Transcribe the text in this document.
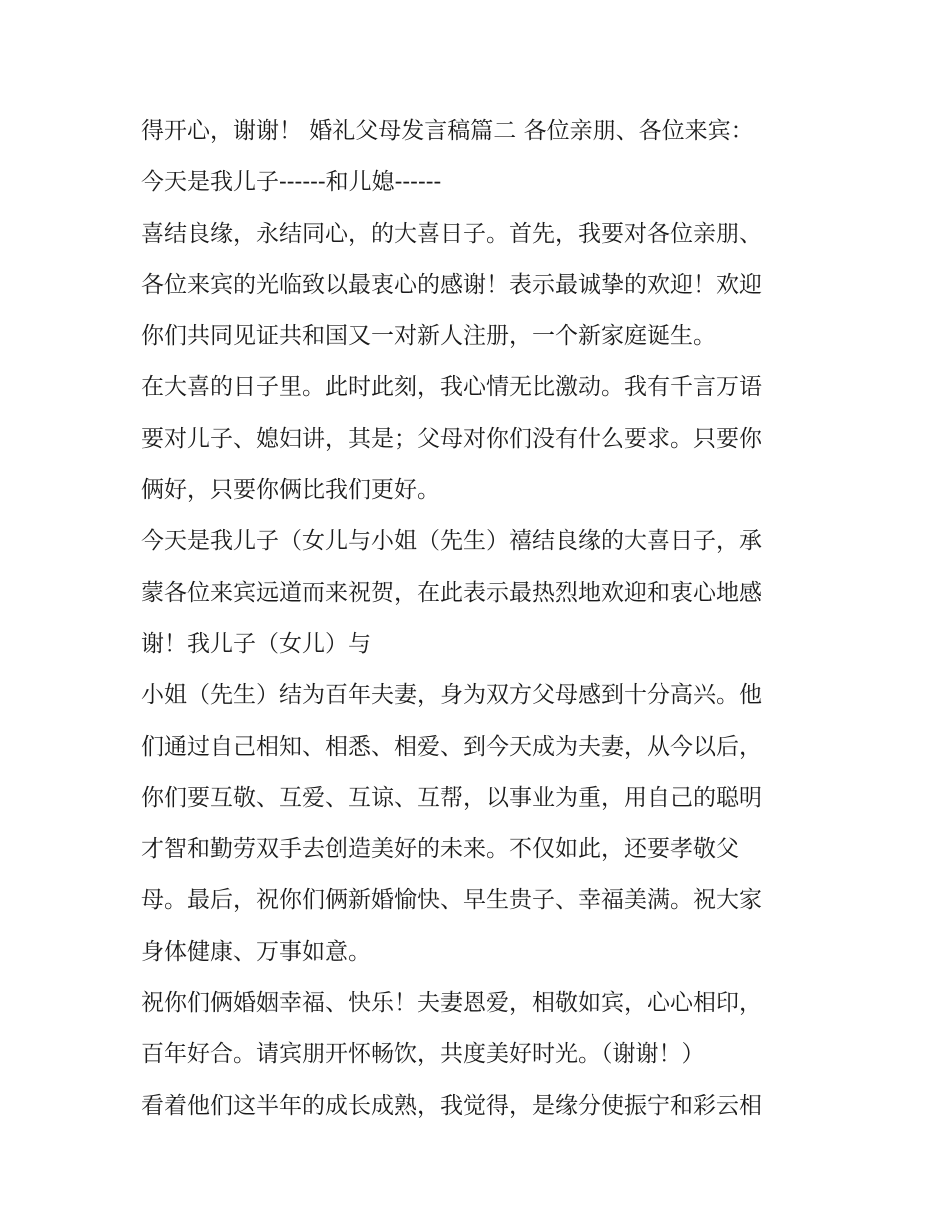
得开心，谢谢！ 婚礼父母发言稿篇二 各位亲朋、各位来宾：
今天是我儿子------和儿媳------
喜结良缘，永结同心，的大喜日子。首先，我要对各位亲朋、
各位来宾的光临致以最衷心的感谢！表示最诚挚的欢迎！欢迎
你们共同见证共和国又一对新人注册，一个新家庭诞生。
在大喜的日子里。此时此刻，我心情无比激动。我有千言万语
要对儿子、媳妇讲，其是；父母对你们没有什么要求。只要你
俩好，只要你俩比我们更好。
今天是我儿子（女儿与小姐（先生）禧结良缘的大喜日子，承
蒙各位来宾远道而来祝贺，在此表示最热烈地欢迎和衷心地感
谢！我儿子（女儿）与
小姐（先生）结为百年夫妻，身为双方父母感到十分高兴。他
们通过自己相知、相悉、相爱、到今天成为夫妻，从今以后，
你们要互敬、互爱、互谅、互帮，以事业为重，用自己的聪明
才智和勤劳双手去创造美好的未来。不仅如此，还要孝敬父
母。最后，祝你们俩新婚愉快、早生贵子、幸福美满。祝大家
身体健康、万事如意。
祝你们俩婚姻幸福、快乐！夫妻恩爱，相敬如宾，心心相印，
百年好合。请宾朋开怀畅饮，共度美好时光。（谢谢！）
看着他们这半年的成长成熟，我觉得，是缘分使振宁和彩云相
